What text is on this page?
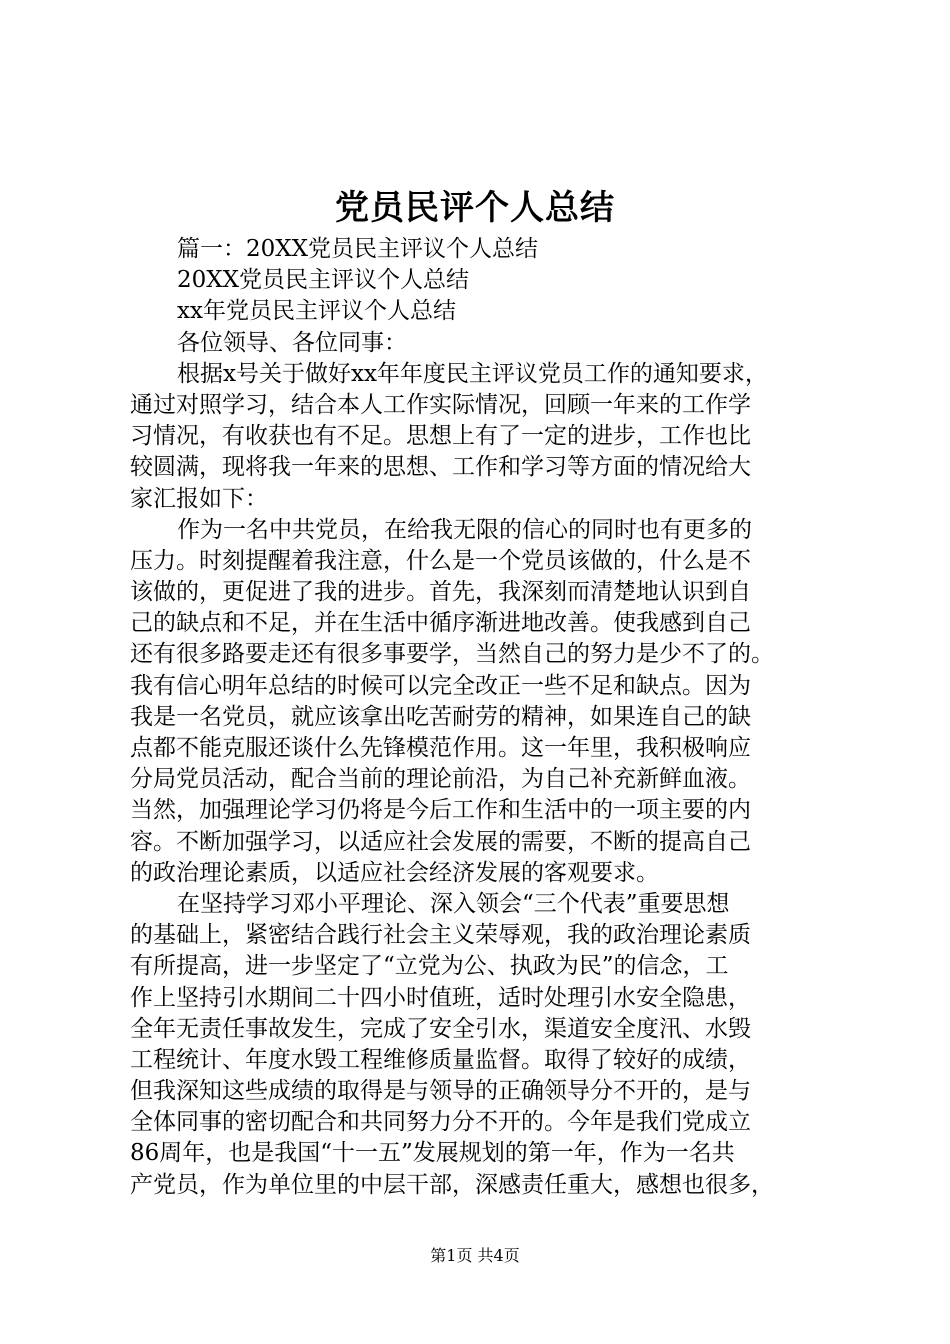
党员民评个人总结

篇一：20XX党员民主评议个人总结

20XX党员民主评议个人总结

xx年党员民主评议个人总结

各位领导、各位同事：

根据x号关于做好xx年年度民主评议党员工作的通知要求，

通过对照学习，结合本人工作实际情况，回顾一年来的工作学

习情况，有收获也有不足。思想上有了一定的进步，工作也比

较圆满，现将我一年来的思想、工作和学习等方面的情况给大

家汇报如下：

作为一名中共党员，在给我无限的信心的同时也有更多的

压力。时刻提醒着我注意，什么是一个党员该做的，什么是不

该做的，更促进了我的进步。首先，我深刻而清楚地认识到自

己的缺点和不足，并在生活中循序渐进地改善。使我感到自己

还有很多路要走还有很多事要学，当然自己的努力是少不了的。

我有信心明年总结的时候可以完全改正一些不足和缺点。因为

我是一名党员，就应该拿出吃苦耐劳的精神，如果连自己的缺

点都不能克服还谈什么先锋模范作用。这一年里，我积极响应

分局党员活动，配合当前的理论前沿，为自己补充新鲜血液。

当然，加强理论学习仍将是今后工作和生活中的一项主要的内

容。不断加强学习，以适应社会发展的需要，不断的提高自己

的政治理论素质，以适应社会经济发展的客观要求。

在坚持学习邓小平理论、深入领会“三个代表”重要思想

的基础上，紧密结合践行社会主义荣辱观，我的政治理论素质

有所提高，进一步坚定了“立党为公、执政为民”的信念，工

作上坚持引水期间二十四小时值班，适时处理引水安全隐患，

全年无责任事故发生，完成了安全引水，渠道安全度汛、水毁

工程统计、年度水毁工程维修质量监督。取得了较好的成绩，

但我深知这些成绩的取得是与领导的正确领导分不开的，是与

全体同事的密切配合和共同努力分不开的。今年是我们党成立

86周年，也是我国“十一五”发展规划的第一年，作为一名共

产党员，作为单位里的中层干部，深感责任重大，感想也很多，

第1页 共4页
